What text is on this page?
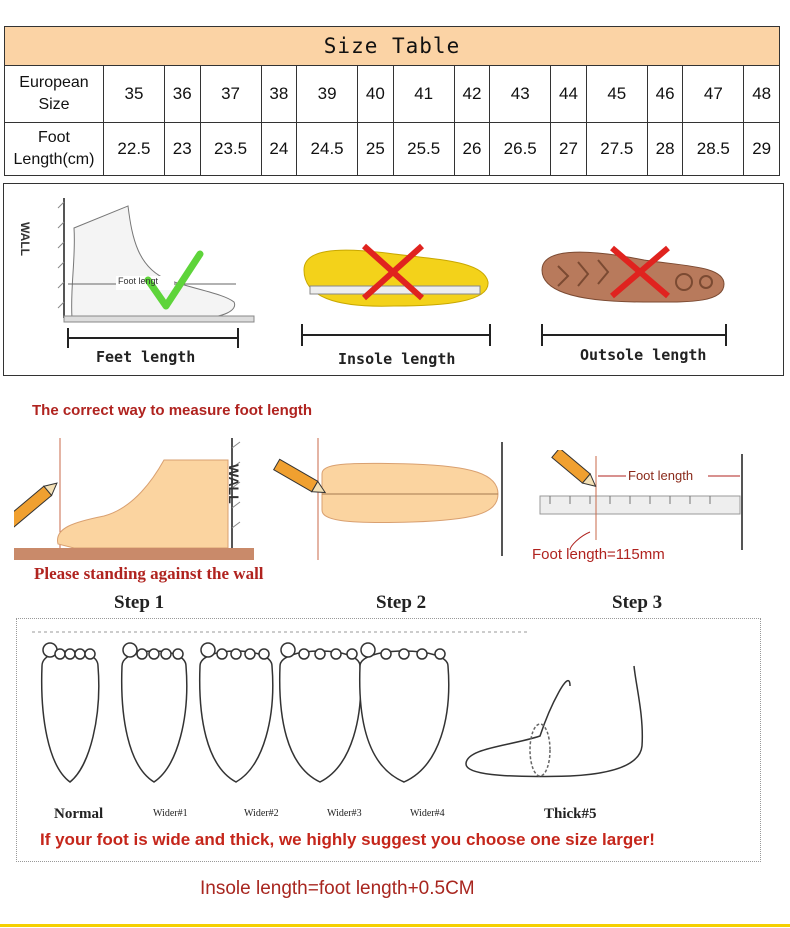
Size Table														
European Size	35	36	37	38	39	40	41	42	43	44	45	46	47	48
Foot Length(cm)	22.5	23	23.5	24	24.5	25	25.5	26	26.5	27	27.5	28	28.5	29
WALL
Foot lengt
Feet length	Insole length	Outsole length
The correct way to measure foot length
WALL	Foot length
Foot length=115mm
Please standing against the wall
Step 1	Step 2	Step 3
Normal	Wider#1	Wider#2	Wider#3	Wider#4	Thick#5
If your foot is wide and thick, we highly suggest you choose one size larger!
Insole length=foot length+0.5CM
